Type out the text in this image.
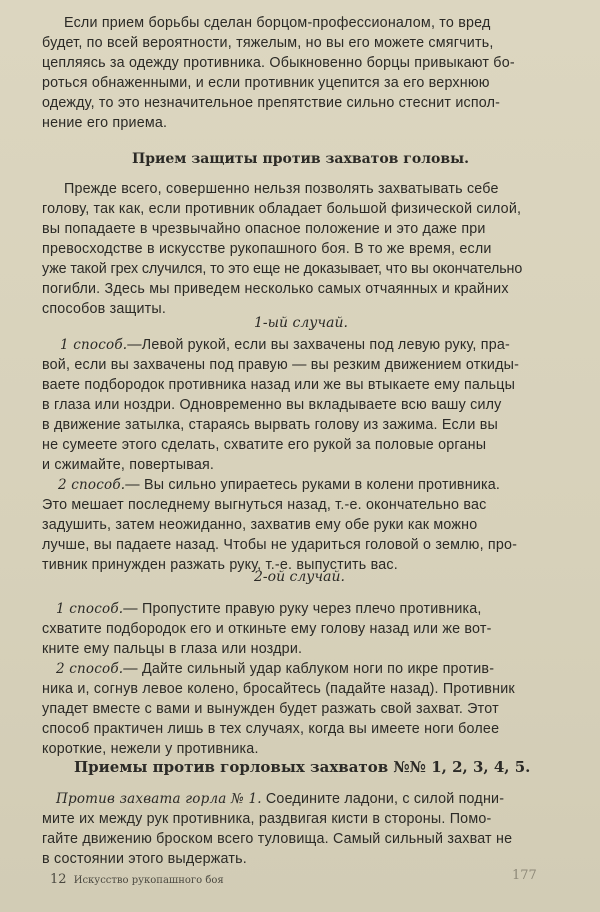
Если прием борьбы сделан борцом-профессионалом, то вред
будет, по всей вероятности, тяжелым, но вы его можете смягчить,
цепляясь за одежду противника. Обыкновенно борцы привыкают бо-
роться обнаженными, и если противник уцепится за его верхнюю
одежду, то это незначительное препятствие сильно стеснит испол-
нение его приема.
Прием защиты против захватов головы.
Прежде всего, совершенно нельзя позволять захватывать себе
голову, так как, если противник обладает большой физической силой,
вы попадаете в чрезвычайно опасное положение и это даже при
превосходстве в искусстве рукопашного боя. В то же время, если
уже такой грех случился, то это еще не доказывает, что вы окончательно
погибли. Здесь мы приведем несколько самых отчаянных и крайних
способов защиты.
1-ый случай.
1 способ.—Левой рукой, если вы захвачены под левую руку, пра-
вой, если вы захвачены под правую — вы резким движением откиды-
ваете подбородок противника назад или же вы втыкаете ему пальцы
в глаза или ноздри. Одновременно вы вкладываете всю вашу силу
в движение затылка, стараясь вырвать голову из зажима. Если вы
не сумеете этого сделать, схватите его рукой за половые органы
и сжимайте, повертывая.
2 способ.— Вы сильно упираетесь руками в колени противника.
Это мешает последнему выгнуться назад, т.-е. окончательно вас
задушить, затем неожиданно, захватив ему обе руки как можно
лучше, вы падаете назад. Чтобы не удариться головой о землю, про-
тивник принужден разжать руку, т.-е. выпустить вас.
2-ой случай.
1 способ.— Пропустите правую руку через плечо противника,
схватите подбородок его и откиньте ему голову назад или же вот-
кните ему пальцы в глаза или ноздри.
2 способ.— Дайте сильный удар каблуком ноги по икре против-
ника и, согнув левое колено, бросайтесь (падайте назад). Противник
упадет вместе с вами и вынужден будет разжать свой захват. Этот
способ практичен лишь в тех случаях, когда вы имеете ноги более
короткие, нежели у противника.
Приемы против горловых захватов №№ 1, 2, 3, 4, 5.
Против захвата горла № 1. Соедините ладони, с силой подни-
мите их между рук противника, раздвигая кисти в стороны. Помо-
гайте движению броском всего туловища. Самый сильный захват не
в состоянии этого выдержать.
12 Искусство рукопашного боя	177
